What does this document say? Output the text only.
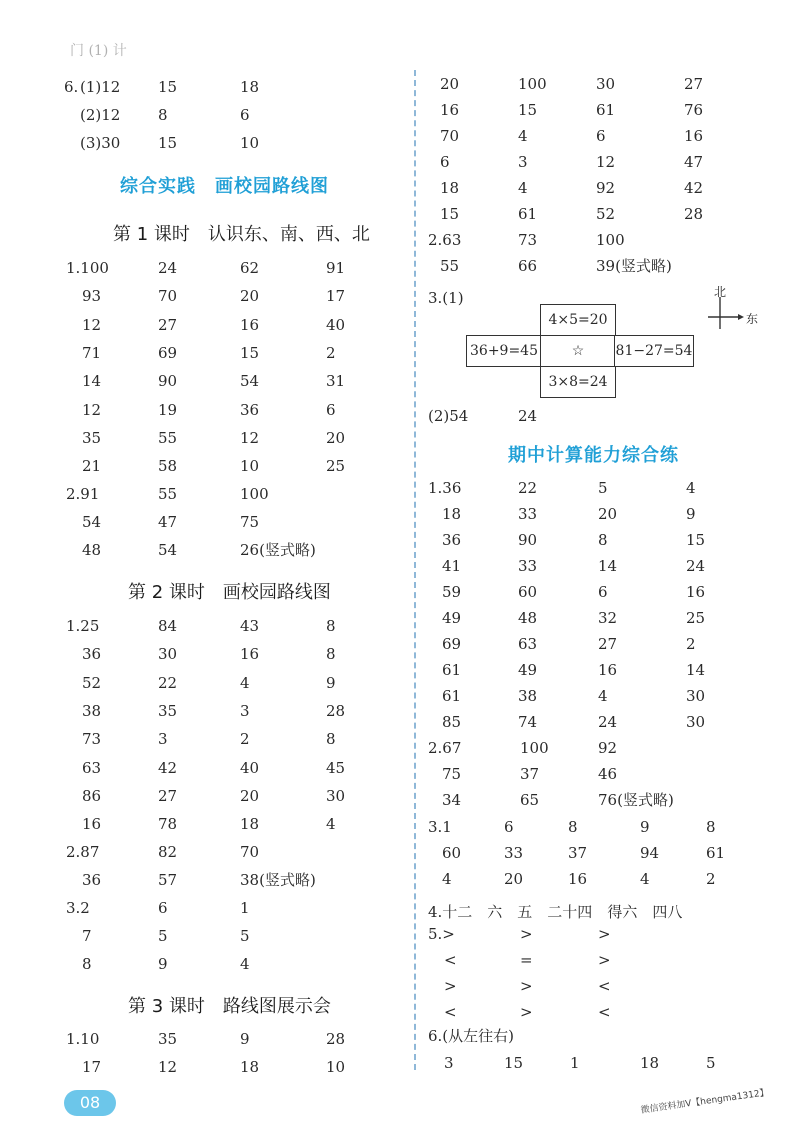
门 (1) 计
6. (1)12	15	18
(2)12	8	6
(3)30	15	10
1.100	24	62	91
93	70	20	17
12	27	16	40
71	69	15	2
14	90	54	31
12	19	36	6
35	55	12	20
21	58	10	25
2.91	55	100
54	47	75
48	54	26(竖式略)
1.25	84	43	8
36	30	16	8
52	22	4	9
38	35	3	28
73	3	2	8
63	42	40	45
86	27	20	30
16	78	18	4
2.87	82	70
36	57	38(竖式略)
3.2	6	1
7	5	5
8	9	4
1.10	35	9	28
17	12	18	10
综合实践　画校园路线图
第 1 课时　认识东、南、西、北
第 2 课时　画校园路线图
第 3 课时　路线图展示会
20	100	30	27
16	15	61	76
70	4	6	16
6	3	12	47
18	4	92	42
15	61	52	28
2.63	73	100
55	66	39(竖式略)
(2)54	24
1.36	22	5	4
18	33	20	9
36	90	8	15
41	33	14	24
59	60	6	16
49	48	32	25
69	63	27	2
61	49	16	14
61	38	4	30
85	74	24	30
2.67	100	92
75	37	46
34	65	76(竖式略)
3.1	6	8	9	8
60	33	37	94	61
4	20	16	4	2
5.>	>	>
<	=	>
>	>	<
<	>	<
3	15	1	18	5
3.(1)
4×5=20
36+9=45	☆	81−27=54
3×8=24
北
东
期中计算能力综合练
6.(从左往右)
4.十二　六　五　二十四　得六　四八
08	微信资料加V【hengma1312】
